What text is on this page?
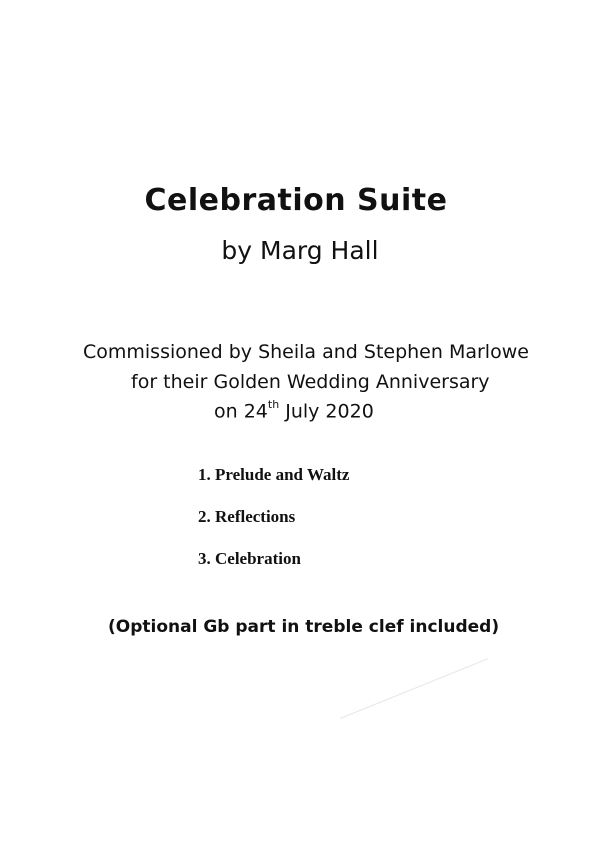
Celebration Suite
by Marg Hall
Commissioned by Sheila and Stephen Marlowe
for their Golden Wedding Anniversary
on 24th July 2020
1. Prelude and Waltz
2. Reflections
3. Celebration
(Optional Gb part in treble clef included)
